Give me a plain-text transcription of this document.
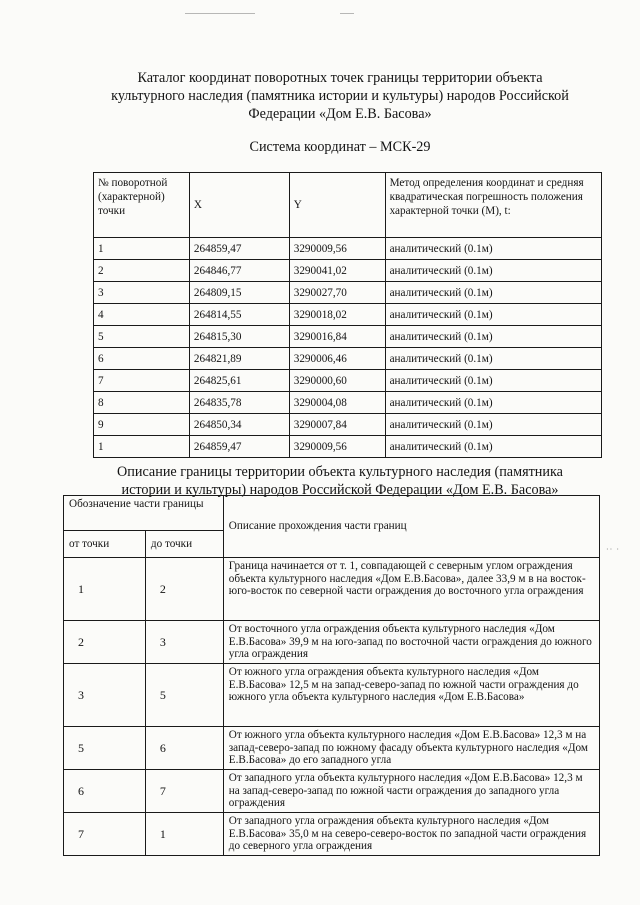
Каталог координат поворотных точек границы территории объекта
культурного наследия (памятника истории и культуры) народов Российской
Федерации «Дом Е.В. Басова»
Система координат – МСК-29
№ поворотной (характерной) точки	X	Y	Метод определения координат и средняя квадратическая погрешность положения характерной точки (М), t:
1	264859,47	3290009,56	аналитический (0.1м)
2	264846,77	3290041,02	аналитический (0.1м)
3	264809,15	3290027,70	аналитический (0.1м)
4	264814,55	3290018,02	аналитический (0.1м)
5	264815,30	3290016,84	аналитический (0.1м)
6	264821,89	3290006,46	аналитический (0.1м)
7	264825,61	3290000,60	аналитический (0.1м)
8	264835,78	3290004,08	аналитический (0.1м)
9	264850,34	3290007,84	аналитический (0.1м)
1	264859,47	3290009,56	аналитический (0.1м)
Описание границы территории объекта культурного наследия (памятника
истории и культуры) народов Российской Федерации «Дом Е.В. Басова»
Обозначение части границы		Описание прохождения части границ
от точки	до точки	
1	2	Граница начинается от т. 1, совпадающей с северным углом ограждения объекта культурного наследия «Дом Е.В.Басова», далее 33,9 м в на восток-юго-восток по северной части ограждения до восточного угла ограждения
2	3	От восточного угла ограждения объекта культурного наследия «Дом Е.В.Басова» 39,9 м на юго-запад по восточной части ограждения до южного угла ограждения
3	5	От южного угла ограждения объекта культурного наследия «Дом Е.В.Басова» 12,5 м на запад-северо-запад по южной части ограждения до южного угла объекта культурного наследия «Дом Е.В.Басова»
5	6	От южного угла объекта культурного наследия «Дом Е.В.Басова» 12,3 м на запад-северо-запад по южному фасаду объекта культурного наследия «Дом Е.В.Басова» до его западного угла
6	7	От западного угла объекта культурного наследия «Дом Е.В.Басова» 12,3 м на запад-северо-запад по южной части ограждения до западного угла ограждения
7	1	От западного угла ограждения объекта культурного наследия «Дом Е.В.Басова» 35,0 м на северо-северо-восток по западной части ограждения до северного угла ограждения
·· ·
